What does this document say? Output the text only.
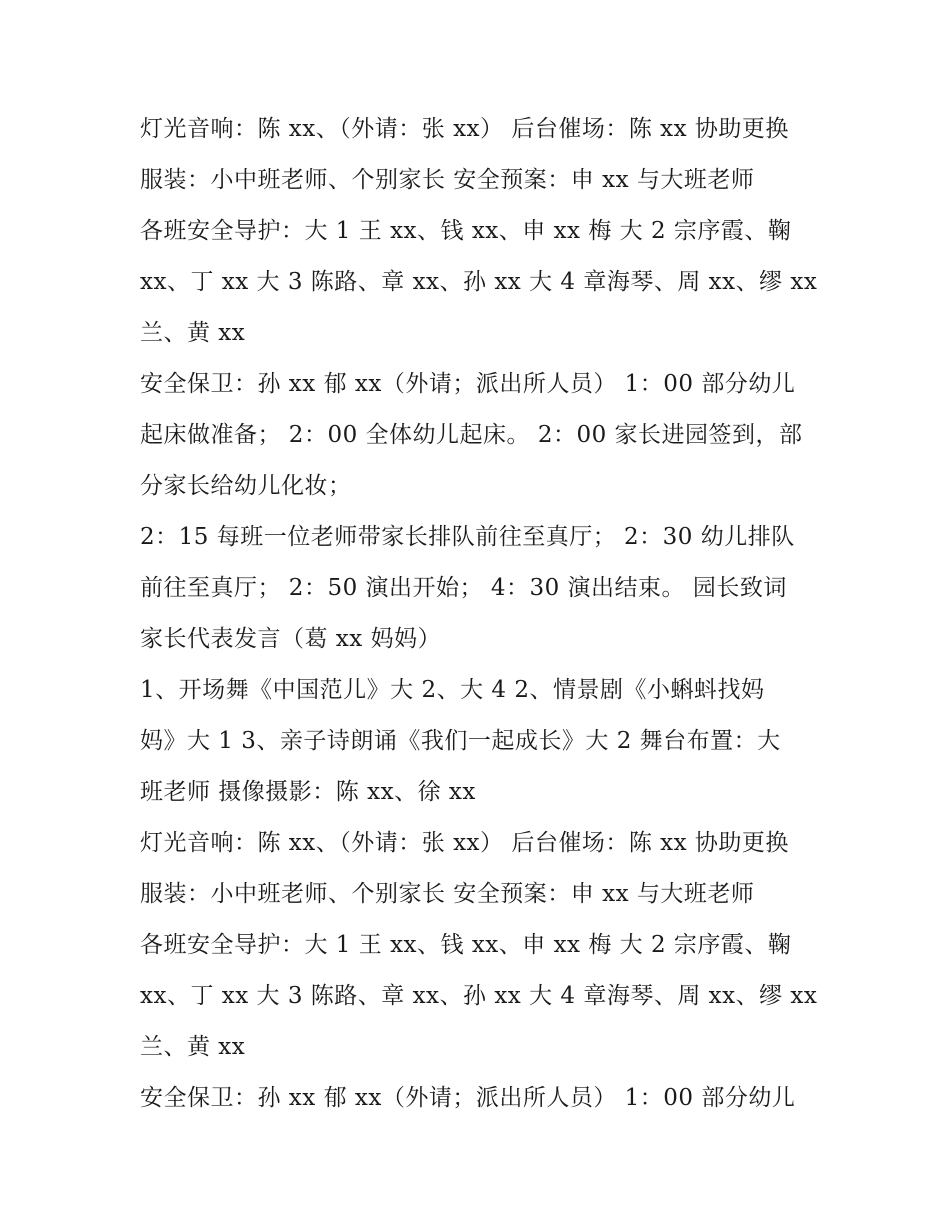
灯光音响：陈 xx、（外请：张 xx） 后台催场：陈 xx 协助更换
服装：小中班老师、个别家长 安全预案：申 xx 与大班老师
各班安全导护：大 1 王 xx、钱 xx、申 xx 梅 大 2 宗序霞、鞠
xx、丁 xx 大 3 陈路、章 xx、孙 xx 大 4 章海琴、周 xx、缪 xx
兰、黄 xx
安全保卫：孙 xx 郁 xx（外请；派出所人员） 1：00 部分幼儿
起床做准备； 2：00 全体幼儿起床。 2：00 家长进园签到，部
分家长给幼儿化妆；
2：15 每班一位老师带家长排队前往至真厅； 2：30 幼儿排队
前往至真厅； 2：50 演出开始； 4：30 演出结束。 园长致词
家长代表发言（葛 xx 妈妈）
1、开场舞《中国范儿》大 2、大 4 2、情景剧《小蝌蚪找妈
妈》大 1 3、亲子诗朗诵《我们一起成长》大 2 舞台布置：大
班老师 摄像摄影：陈 xx、徐 xx
灯光音响：陈 xx、（外请：张 xx） 后台催场：陈 xx 协助更换
服装：小中班老师、个别家长 安全预案：申 xx 与大班老师
各班安全导护：大 1 王 xx、钱 xx、申 xx 梅 大 2 宗序霞、鞠
xx、丁 xx 大 3 陈路、章 xx、孙 xx 大 4 章海琴、周 xx、缪 xx
兰、黄 xx
安全保卫：孙 xx 郁 xx（外请；派出所人员） 1：00 部分幼儿
